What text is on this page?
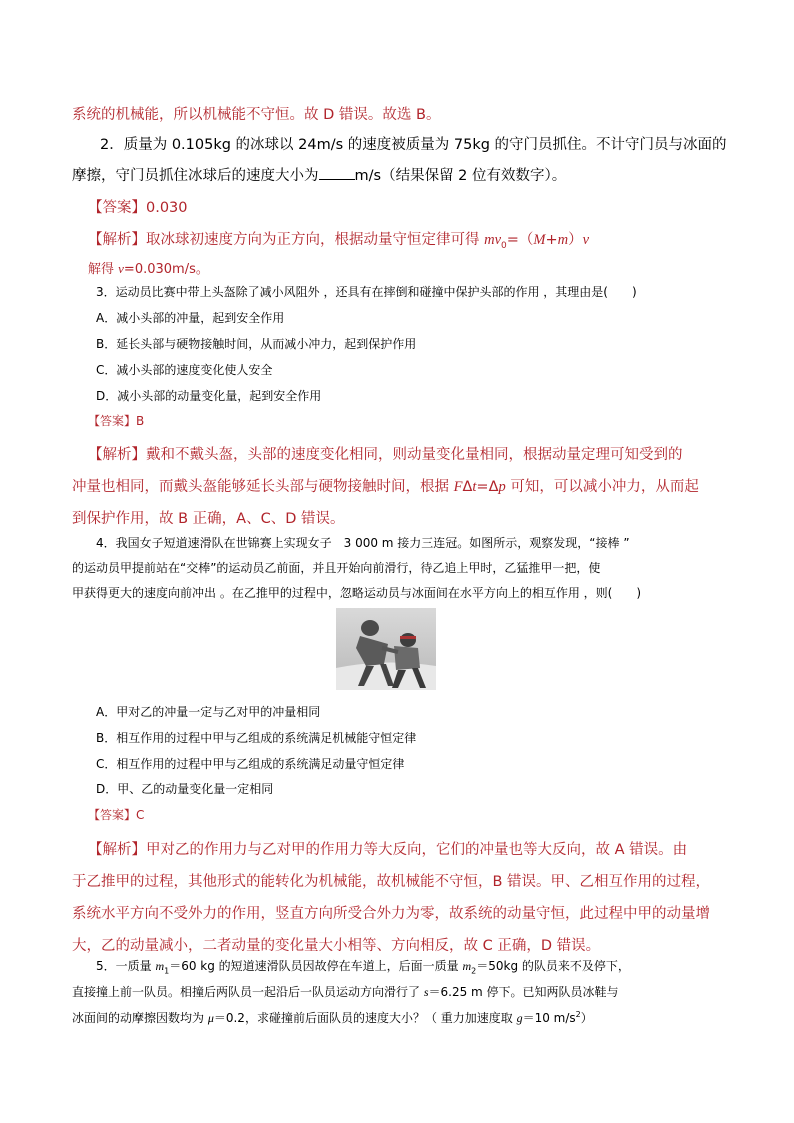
系统的机械能，所以机械能不守恒。故 D 错误。故选 B。
2．质量为 0.105kg 的冰球以 24m/s 的速度被质量为 75kg 的守门员抓住。不计守门员与冰面的
摩擦，守门员抓住冰球后的速度大小为 m/s（结果保留 2 位有效数字）。
【答案】0.030
【解析】取冰球初速度方向为正方向，根据动量守恒定律可得 $mv_0=(M+m)v$
解得 v=0.030m/s。
3．运动员比赛中带上头盔除了减小风阻外 ，还具有在摔倒和碰撞中保护头部的作用 ，其理由是(　　)
A．减小头部的冲量，起到安全作用
B．延长头部与硬物接触时间，从而减小冲力，起到保护作用
C．减小头部的速度变化使人安全
D．减小头部的动量变化量，起到安全作用
【答案】B
【解析】戴和不戴头盔，头部的速度变化相同，则动量变化量相同，根据动量定理可知受到的
冲量也相同，而戴头盔能够延长头部与硬物接触时间，根据 FΔt=Δp 可知，可以减小冲力，从而起
到保护作用，故 B 正确，A、C、D 错误。
4．我国女子短道速滑队在世锦赛上实现女子　3 000 m 接力三连冠。如图所示，观察发现，“接棒 ”
的运动员甲提前站在“交棒”的运动员乙前面，并且开始向前滑行，待乙追上甲时，乙猛推甲一把，使
甲获得更大的速度向前冲出 。在乙推甲的过程中，忽略运动员与冰面间在水平方向上的相互作用 ，则(　　)
A．甲对乙的冲量一定与乙对甲的冲量相同
B．相互作用的过程中甲与乙组成的系统满足机械能守恒定律
C．相互作用的过程中甲与乙组成的系统满足动量守恒定律
D．甲、乙的动量变化量一定相同
【答案】C
【解析】甲对乙的作用力与乙对甲的作用力等大反向，它们的冲量也等大反向，故 A 错误。由
于乙推甲的过程，其他形式的能转化为机械能，故机械能不守恒，B 错误。甲、乙相互作用的过程，
系统水平方向不受外力的作用，竖直方向所受合外力为零，故系统的动量守恒，此过程中甲的动量增
大，乙的动量减小，二者动量的变化量大小相等、方向相反，故 C 正确，D 错误。
5．一质量 $m_1=60$ kg 的短道速滑队员因故停在车道上，后面一质量 $m_2=50kg$ 的队员来不及停下，
直接撞上前一队员。相撞后两队员一起沿后一队员运动方向滑行了 s＝6.25 m 停下。已知两队员冰鞋与
冰面间的动摩擦因数均为 μ＝0.2，求碰撞前后面队员的速度大小？（ 重力加速度取 g＝10 $m/s^2$）
